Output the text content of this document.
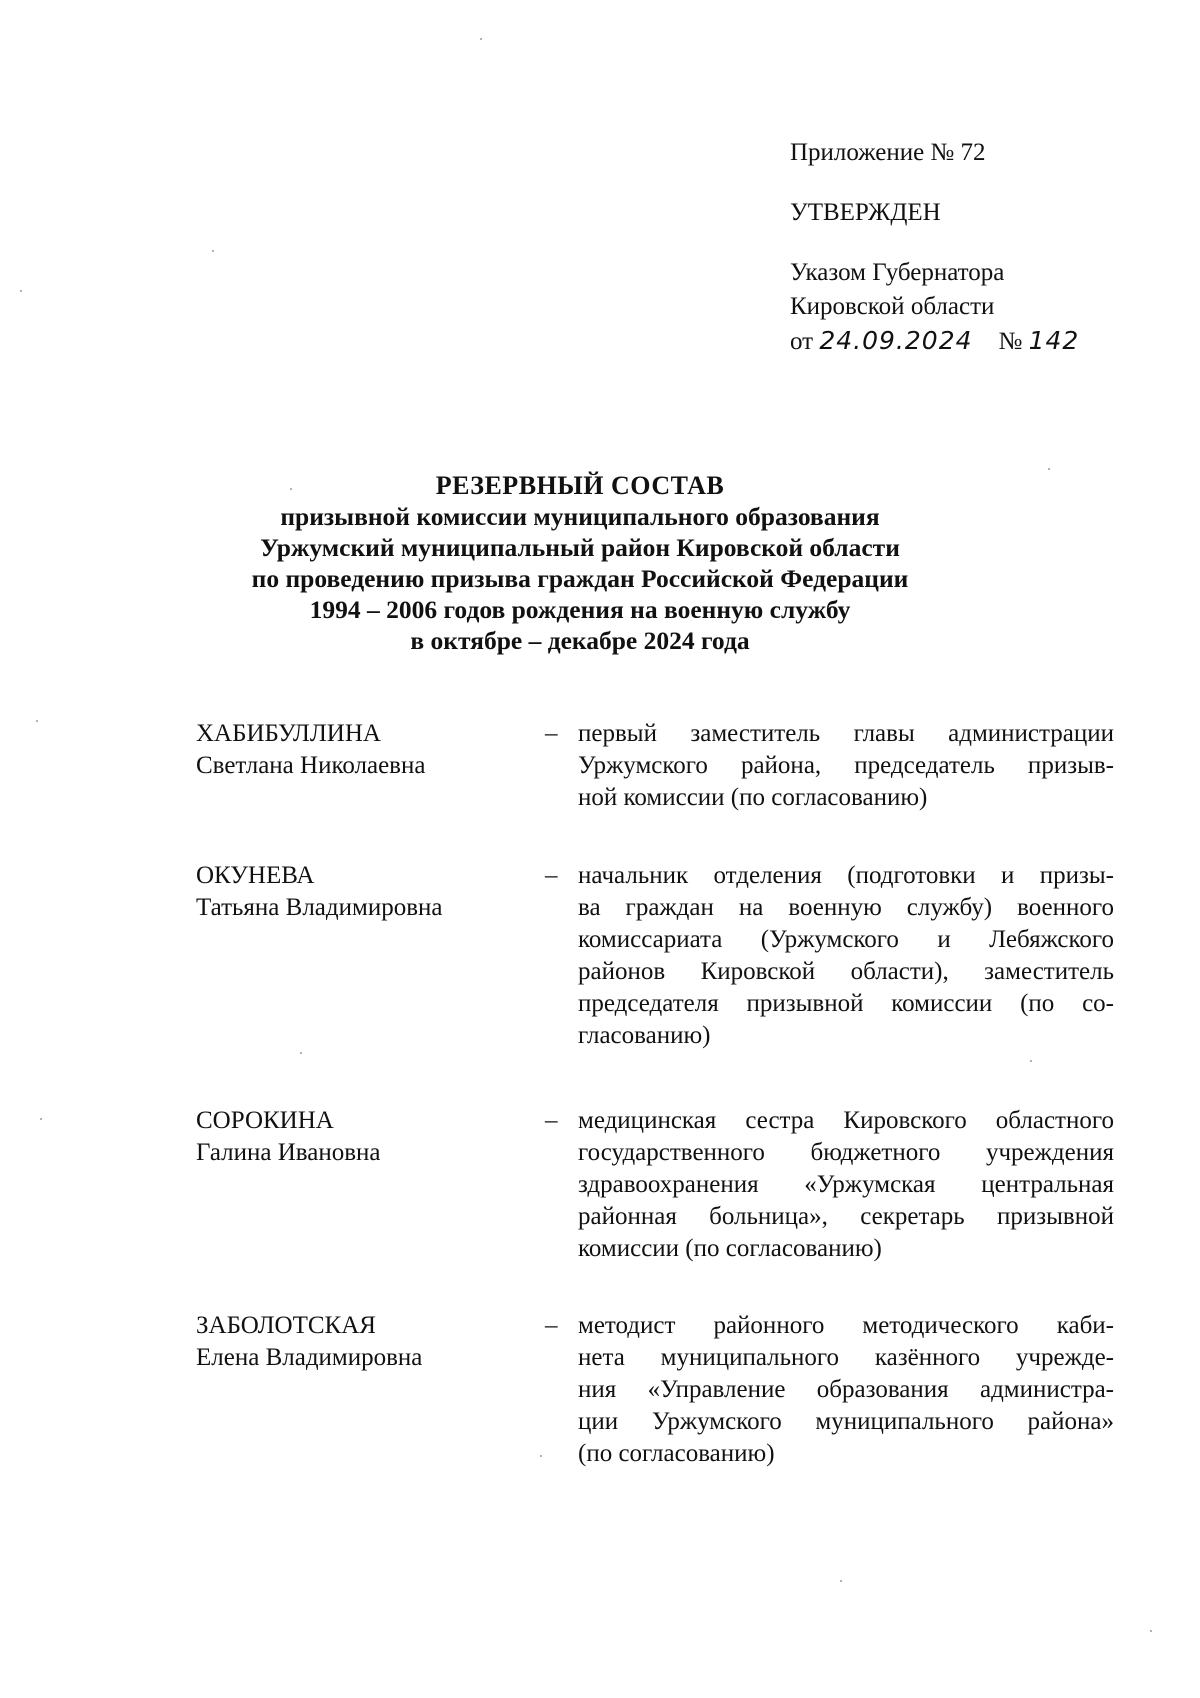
Приложение № 72
УТВЕРЖДЕН
Указом Губернатора
Кировской области
от 24.09.2024 № 142
РЕЗЕРВНЫЙ СОСТАВ
призывной комиссии муниципального образования
Уржумский муниципальный район Кировской области
по проведению призыва граждан Российской Федерации
1994 – 2006 годов рождения на военную службу
в октябре – декабре 2024 года
ХАБИБУЛЛИНА
Светлана Николаевна
– первый заместитель главы администрации
Уржумского района, председатель призыв-
ной комиссии (по согласованию)
ОКУНЕВА
Татьяна Владимировна
– начальник отделения (подготовки и призы-
ва граждан на военную службу) военного
комиссариата (Уржумского и Лебяжского
районов Кировской области), заместитель
председателя призывной комиссии (по со-
гласованию)
СОРОКИНА
Галина Ивановна
– медицинская сестра Кировского областного
государственного бюджетного учреждения
здравоохранения «Уржумская центральная
районная больница», секретарь призывной
комиссии (по согласованию)
ЗАБОЛОТСКАЯ
Елена Владимировна
– методист районного методического каби-
нета муниципального казённого учрежде-
ния «Управление образования администра-
ции Уржумского муниципального района»
(по согласованию)
